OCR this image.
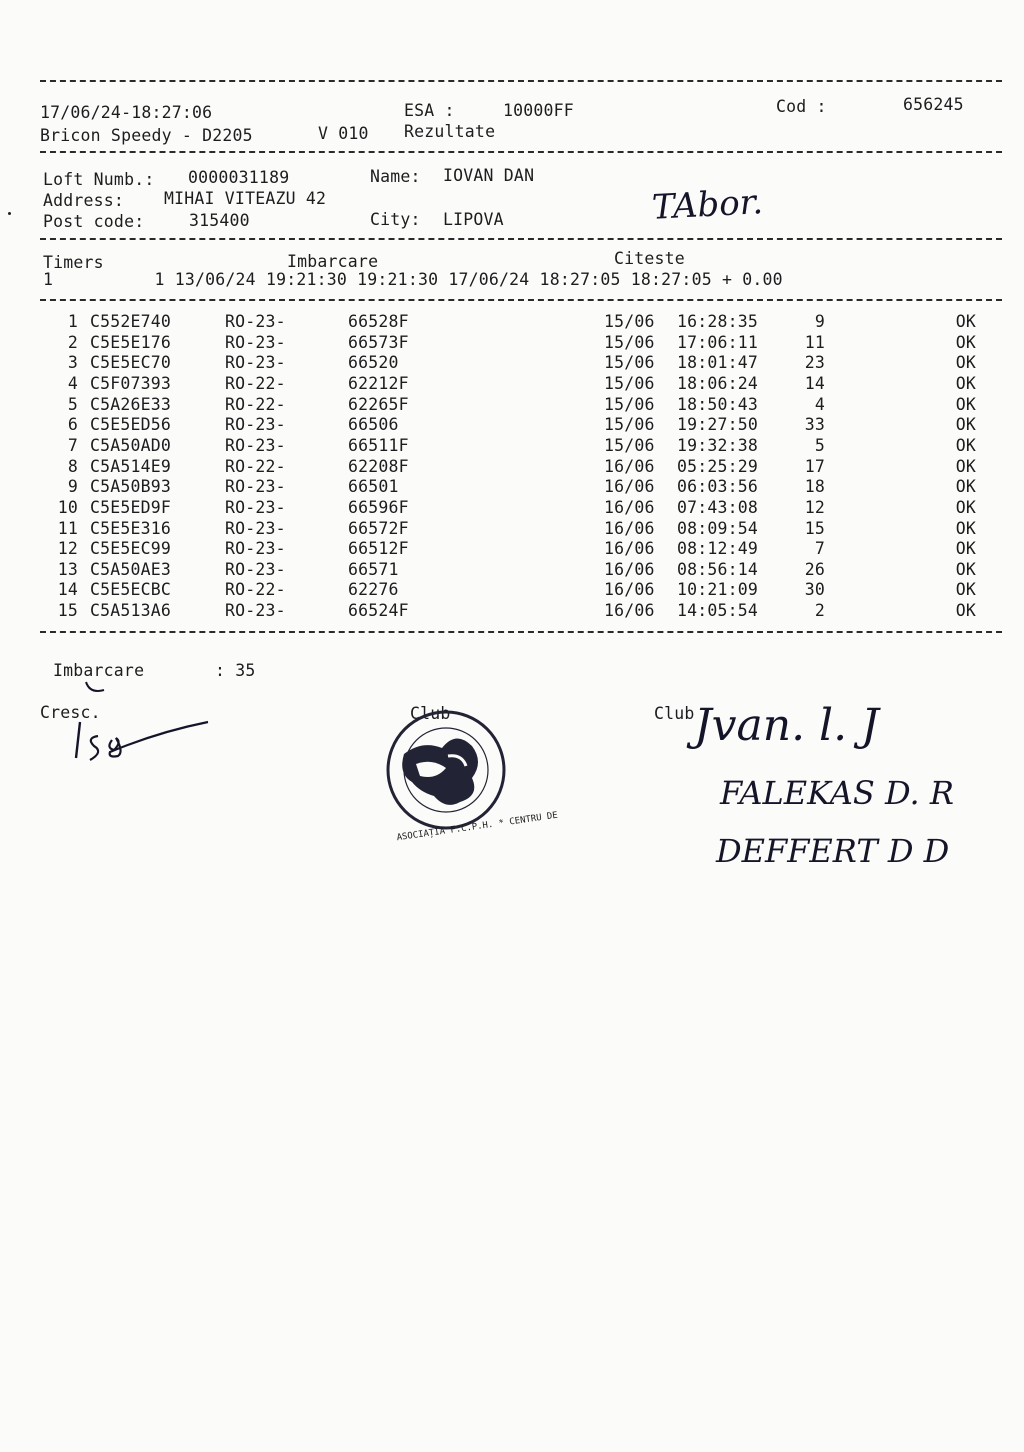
17/06/24-18:27:06	ESA :	10000FF	Cod :	656245
Bricon Speedy - D2205	V 010 Rezultate
Loft Numb.: 0000031189	Name: IOVAN DAN
Address: MIHAI VITEAZU 42
Post code:	315400	City: LIPOVA	TAbor.
Timers	Imbarcare	Citeste
1          1 13/06/24 19:21:30 19:21:30 17/06/24 18:27:05 18:27:05 + 0.00
1 C552E740	RO-23-	66528F	15/06	16:28:35	9	OK
2 C5E5E176	RO-23-	66573F	15/06	17:06:11	11	OK
3 C5E5EC70	RO-23-	66520	15/06	18:01:47	23	OK
4 C5F07393	RO-22-	62212F	15/06	18:06:24	14	OK
5 C5A26E33	RO-22-	62265F	15/06	18:50:43	4	OK
6 C5E5ED56	RO-23-	66506	15/06	19:27:50	33	OK
7 C5A50AD0	RO-23-	66511F	15/06	19:32:38	5	OK
8 C5A514E9	RO-22-	62208F	16/06	05:25:29	17	OK
9 C5A50B93	RO-23-	66501	16/06	06:03:56	18	OK
10 C5E5ED9F	RO-23-	66596F	16/06	07:43:08	12	OK
11 C5E5E316	RO-23-	66572F	16/06	08:09:54	15	OK
12 C5E5EC99	RO-23-	66512F	16/06	08:12:49	7	OK
13 C5A50AE3	RO-23-	66571	16/06	08:56:14	26	OK
14 C5E5ECBC	RO-22-	62276	16/06	10:21:09	30	OK
15 C5A513A6	RO-23-	66524F	16/06	14:05:54	2	OK
Imbarcare	: 35
Cresc.	Club
ASOCIAȚIA F.C.P.H. * CENTRU DE
Club Jvan. l. J
FALEKAS D. R
DEFFERT D D
